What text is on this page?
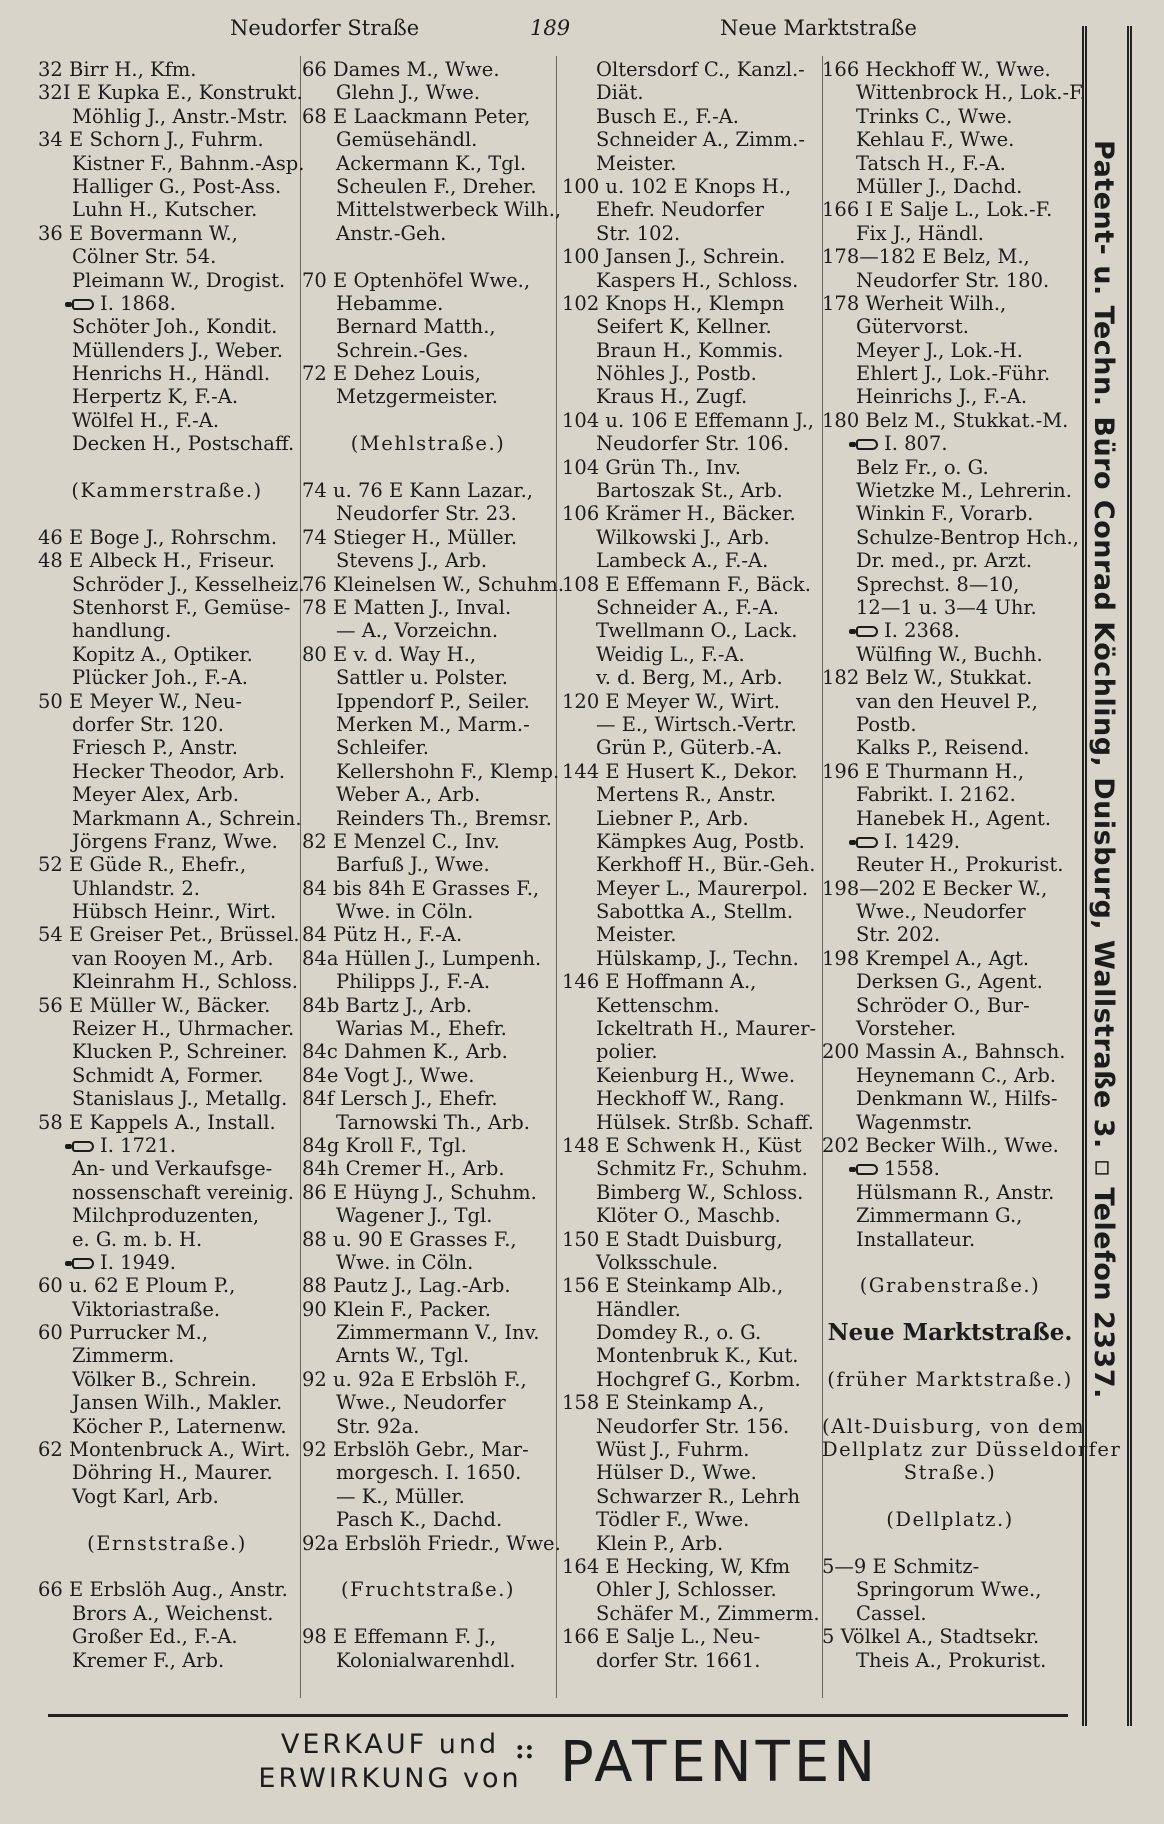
Neudorfer Straße	189	Neue Marktstraße
32 Birr H., Kfm.
32I E Kupka E., Konstrukt.
Möhlig J., Anstr.-Mstr.
34 E Schorn J., Fuhrm.
Kistner F., Bahnm.-Asp.
Halliger G., Post-Ass.
Luhn H., Kutscher.
36 E Bovermann W.,
Cölner Str. 54.
Pleimann W., Drogist.
I. 1868.
Schöter Joh., Kondit.
Müllenders J., Weber.
Henrichs H., Händl.
Herpertz K, F.-A.
Wölfel H., F.-A.
Decken H., Postschaff.
(Kammerstraße.)
46 E Boge J., Rohrschm.
48 E Albeck H., Friseur.
Schröder J., Kesselheiz.
Stenhorst F., Gemüse-
handlung.
Kopitz A., Optiker.
Plücker Joh., F.-A.
50 E Meyer W., Neu-
dorfer Str. 120.
Friesch P., Anstr.
Hecker Theodor, Arb.
Meyer Alex, Arb.
Markmann A., Schrein.
Jörgens Franz, Wwe.
52 E Güde R., Ehefr.,
Uhlandstr. 2.
Hübsch Heinr., Wirt.
54 E Greiser Pet., Brüssel.
van Rooyen M., Arb.
Kleinrahm H., Schloss.
56 E Müller W., Bäcker.
Reizer H., Uhrmacher.
Klucken P., Schreiner.
Schmidt A, Former.
Stanislaus J., Metallg.
58 E Kappels A., Install.
I. 1721.
An- und Verkaufsge-
nossenschaft vereinig.
Milchproduzenten,
e. G. m. b. H.
I. 1949.
60 u. 62 E Ploum P.,
Viktoriastraße.
60 Purrucker M.,
Zimmerm.
Völker B., Schrein.
Jansen Wilh., Makler.
Köcher P., Laternenw.
62 Montenbruck A., Wirt.
Döhring H., Maurer.
Vogt Karl, Arb.
(Ernststraße.)
66 E Erbslöh Aug., Anstr.
Brors A., Weichenst.
Großer Ed., F.-A.
Kremer F., Arb.
66 Dames M., Wwe.
Glehn J., Wwe.
68 E Laackmann Peter,
Gemüsehändl.
Ackermann K., Tgl.
Scheulen F., Dreher.
Mittelstwerbeck Wilh.,
Anstr.-Geh.
70 E Optenhöfel Wwe.,
Hebamme.
Bernard Matth.,
Schrein.-Ges.
72 E Dehez Louis,
Metzgermeister.
(Mehlstraße.)
74 u. 76 E Kann Lazar.,
Neudorfer Str. 23.
74 Stieger H., Müller.
Stevens J., Arb.
76 Kleinelsen W., Schuhm.
78 E Matten J., Inval.
— A., Vorzeichn.
80 E v. d. Way H.,
Sattler u. Polster.
Ippendorf P., Seiler.
Merken M., Marm.-
Schleifer.
Kellershohn F., Klemp.
Weber A., Arb.
Reinders Th., Bremsr.
82 E Menzel C., Inv.
Barfuß J., Wwe.
84 bis 84h E Grasses F.,
Wwe. in Cöln.
84 Pütz H., F.-A.
84a Hüllen J., Lumpenh.
Philipps J., F.-A.
84b Bartz J., Arb.
Warias M., Ehefr.
84c Dahmen K., Arb.
84e Vogt J., Wwe.
84f Lersch J., Ehefr.
Tarnowski Th., Arb.
84g Kroll F., Tgl.
84h Cremer H., Arb.
86 E Hüyng J., Schuhm.
Wagener J., Tgl.
88 u. 90 E Grasses F.,
Wwe. in Cöln.
88 Pautz J., Lag.-Arb.
90 Klein F., Packer.
Zimmermann V., Inv.
Arnts W., Tgl.
92 u. 92a E Erbslöh F.,
Wwe., Neudorfer
Str. 92a.
92 Erbslöh Gebr., Mar-
morgesch. I. 1650.
— K., Müller.
Pasch K., Dachd.
92a Erbslöh Friedr., Wwe.
(Fruchtstraße.)
98 E Effemann F. J.,
Kolonialwarenhdl.
Oltersdorf C., Kanzl.-
Diät.
Busch E., F.-A.
Schneider A., Zimm.-
Meister.
100 u. 102 E Knops H.,
Ehefr. Neudorfer
Str. 102.
100 Jansen J., Schrein.
Kaspers H., Schloss.
102 Knops H., Klempn
Seifert K, Kellner.
Braun H., Kommis.
Nöhles J., Postb.
Kraus H., Zugf.
104 u. 106 E Effemann J.,
Neudorfer Str. 106.
104 Grün Th., Inv.
Bartoszak St., Arb.
106 Krämer H., Bäcker.
Wilkowski J., Arb.
Lambeck A., F.-A.
108 E Effemann F., Bäck.
Schneider A., F.-A.
Twellmann O., Lack.
Weidig L., F.-A.
v. d. Berg, M., Arb.
120 E Meyer W., Wirt.
— E., Wirtsch.-Vertr.
Grün P., Güterb.-A.
144 E Husert K., Dekor.
Mertens R., Anstr.
Liebner P., Arb.
Kämpkes Aug, Postb.
Kerkhoff H., Bür.-Geh.
Meyer L., Maurerpol.
Sabottka A., Stellm.
Meister.
Hülskamp, J., Techn.
146 E Hoffmann A.,
Kettenschm.
Ickeltrath H., Maurer-
polier.
Keienburg H., Wwe.
Heckhoff W., Rang.
Hülsek. Strßb. Schaff.
148 E Schwenk H., Küst
Schmitz Fr., Schuhm.
Bimberg W., Schloss.
Klöter O., Maschb.
150 E Stadt Duisburg,
Volksschule.
156 E Steinkamp Alb.,
Händler.
Domdey R., o. G.
Montenbruk K., Kut.
Hochgref G., Korbm.
158 E Steinkamp A.,
Neudorfer Str. 156.
Wüst J., Fuhrm.
Hülser D., Wwe.
Schwarzer R., Lehrh
Tödler F., Wwe.
Klein P., Arb.
164 E Hecking, W, Kfm
Ohler J, Schlosser.
Schäfer M., Zimmerm.
166 E Salje L., Neu-
dorfer Str. 1661.
166 Heckhoff W., Wwe.
Wittenbrock H., Lok.-F.
Trinks C., Wwe.
Kehlau F., Wwe.
Tatsch H., F.-A.
Müller J., Dachd.
166 I E Salje L., Lok.-F.
Fix J., Händl.
178—182 E Belz, M.,
Neudorfer Str. 180.
178 Werheit Wilh.,
Gütervorst.
Meyer J., Lok.-H.
Ehlert J., Lok.-Führ.
Heinrichs J., F.-A.
180 Belz M., Stukkat.-M.
I. 807.
Belz Fr., o. G.
Wietzke M., Lehrerin.
Winkin F., Vorarb.
Schulze-Bentrop Hch.,
Dr. med., pr. Arzt.
Sprechst. 8—10,
12—1 u. 3—4 Uhr.
I. 2368.
Wülfing W., Buchh.
182 Belz W., Stukkat.
van den Heuvel P.,
Postb.
Kalks P., Reisend.
196 E Thurmann H.,
Fabrikt. I. 2162.
Hanebek H., Agent.
I. 1429.
Reuter H., Prokurist.
198—202 E Becker W.,
Wwe., Neudorfer
Str. 202.
198 Krempel A., Agt.
Derksen G., Agent.
Schröder O., Bur-
Vorsteher.
200 Massin A., Bahnsch.
Heynemann C., Arb.
Denkmann W., Hilfs-
Wagenmstr.
202 Becker Wilh., Wwe.
1558.
Hülsmann R., Anstr.
Zimmermann G.,
Installateur.
(Grabenstraße.)
Neue Marktstraße.
(früher Marktstraße.)
(Alt-Duisburg, von dem
Dellplatz zur Düsseldorfer
Straße.)
(Dellplatz.)
5—9 E Schmitz-
Springorum Wwe.,
Cassel.
5 Völkel A., Stadtsekr.
Theis A., Prokurist.
Patent- u. Techn. Büro Conrad Köchling, Duisburg, Wallstraße 3. ▫ Telefon 2337.
VERKAUF und
ERWIRKUNG von
:: PATENTEN
